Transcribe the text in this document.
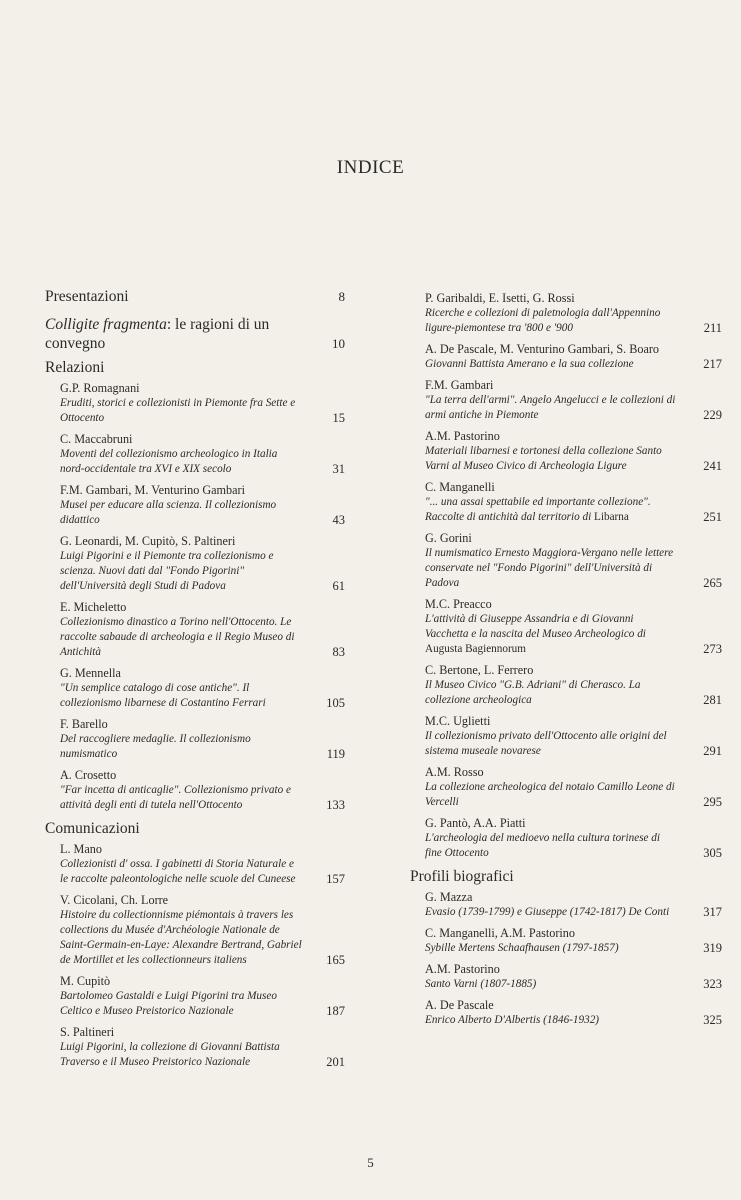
INDICE
Presentazioni	8
Colligite fragmenta: le ragioni di un convegno	10
Relazioni
G.P. Romagnani
Eruditi, storici e collezionisti in Piemonte fra Sette e Ottocento	15
C. Maccabruni
Moventi del collezionismo archeologico in Italia nord-occidentale tra XVI e XIX secolo	31
F.M. Gambari, M. Venturino Gambari
Musei per educare alla scienza. Il collezionismo didattico	43
G. Leonardi, M. Cupitò, S. Paltineri
Luigi Pigorini e il Piemonte tra collezionismo e scienza. Nuovi dati dal "Fondo Pigorini" dell'Università degli Studi di Padova	61
E. Micheletto
Collezionismo dinastico a Torino nell'Ottocento. Le raccolte sabaude di archeologia e il Regio Museo di Antichità	83
G. Mennella
"Un semplice catalogo di cose antiche". Il collezionismo libarnese di Costantino Ferrari	105
F. Barello
Del raccogliere medaglie. Il collezionismo numismatico	119
A. Crosetto
"Far incetta di anticaglie". Collezionismo privato e attività degli enti di tutela nell'Ottocento	133
Comunicazioni
L. Mano
Collezionisti d' ossa. I gabinetti di Storia Naturale e le raccolte paleontologiche nelle scuole del Cuneese	157
V. Cicolani, Ch. Lorre
Histoire du collectionnisme piémontais à travers les collections du Musée d'Archéologie Nationale de Saint-Germain-en-Laye: Alexandre Bertrand, Gabriel de Mortillet et les collectionneurs italiens	165
M. Cupitò
Bartolomeo Gastaldi e Luigi Pigorini tra Museo Celtico e Museo Preistorico Nazionale	187
S. Paltineri
Luigi Pigorini, la collezione di Giovanni Battista Traverso e il Museo Preistorico Nazionale	201
P. Garibaldi, E. Isetti, G. Rossi
Ricerche e collezioni di paletnologia dall'Appennino ligure-piemontese tra '800 e '900	211
A. De Pascale, M. Venturino Gambari, S. Boaro
Giovanni Battista Amerano e la sua collezione	217
F.M. Gambari
"La terra dell'armi". Angelo Angelucci e le collezioni di armi antiche in Piemonte	229
A.M. Pastorino
Materiali libarnesi e tortonesi della collezione Santo Varni al Museo Civico di Archeologia Ligure	241
C. Manganelli
"... una assai spettabile ed importante collezione". Raccolte di antichità dal territorio di Libarna	251
G. Gorini
Il numismatico Ernesto Maggiora-Vergano nelle lettere conservate nel "Fondo Pigorini" dell'Università di Padova	265
M.C. Preacco
L'attività di Giuseppe Assandria e di Giovanni Vacchetta e la nascita del Museo Archeologico di Augusta Bagiennorum	273
C. Bertone, L. Ferrero
Il Museo Civico "G.B. Adriani" di Cherasco. La collezione archeologica	281
M.C. Uglietti
Il collezionismo privato dell'Ottocento alle origini del sistema museale novarese	291
A.M. Rosso
La collezione archeologica del notaio Camillo Leone di Vercelli	295
G. Pantò, A.A. Piatti
L'archeologia del medioevo nella cultura torinese di fine Ottocento	305
Profili biografici
G. Mazza
Evasio (1739-1799) e Giuseppe (1742-1817) De Conti	317
C. Manganelli, A.M. Pastorino
Sybille Mertens Schaafhausen (1797-1857)	319
A.M. Pastorino
Santo Varni (1807-1885)	323
A. De Pascale
Enrico Alberto D'Albertis (1846-1932)	325
5
